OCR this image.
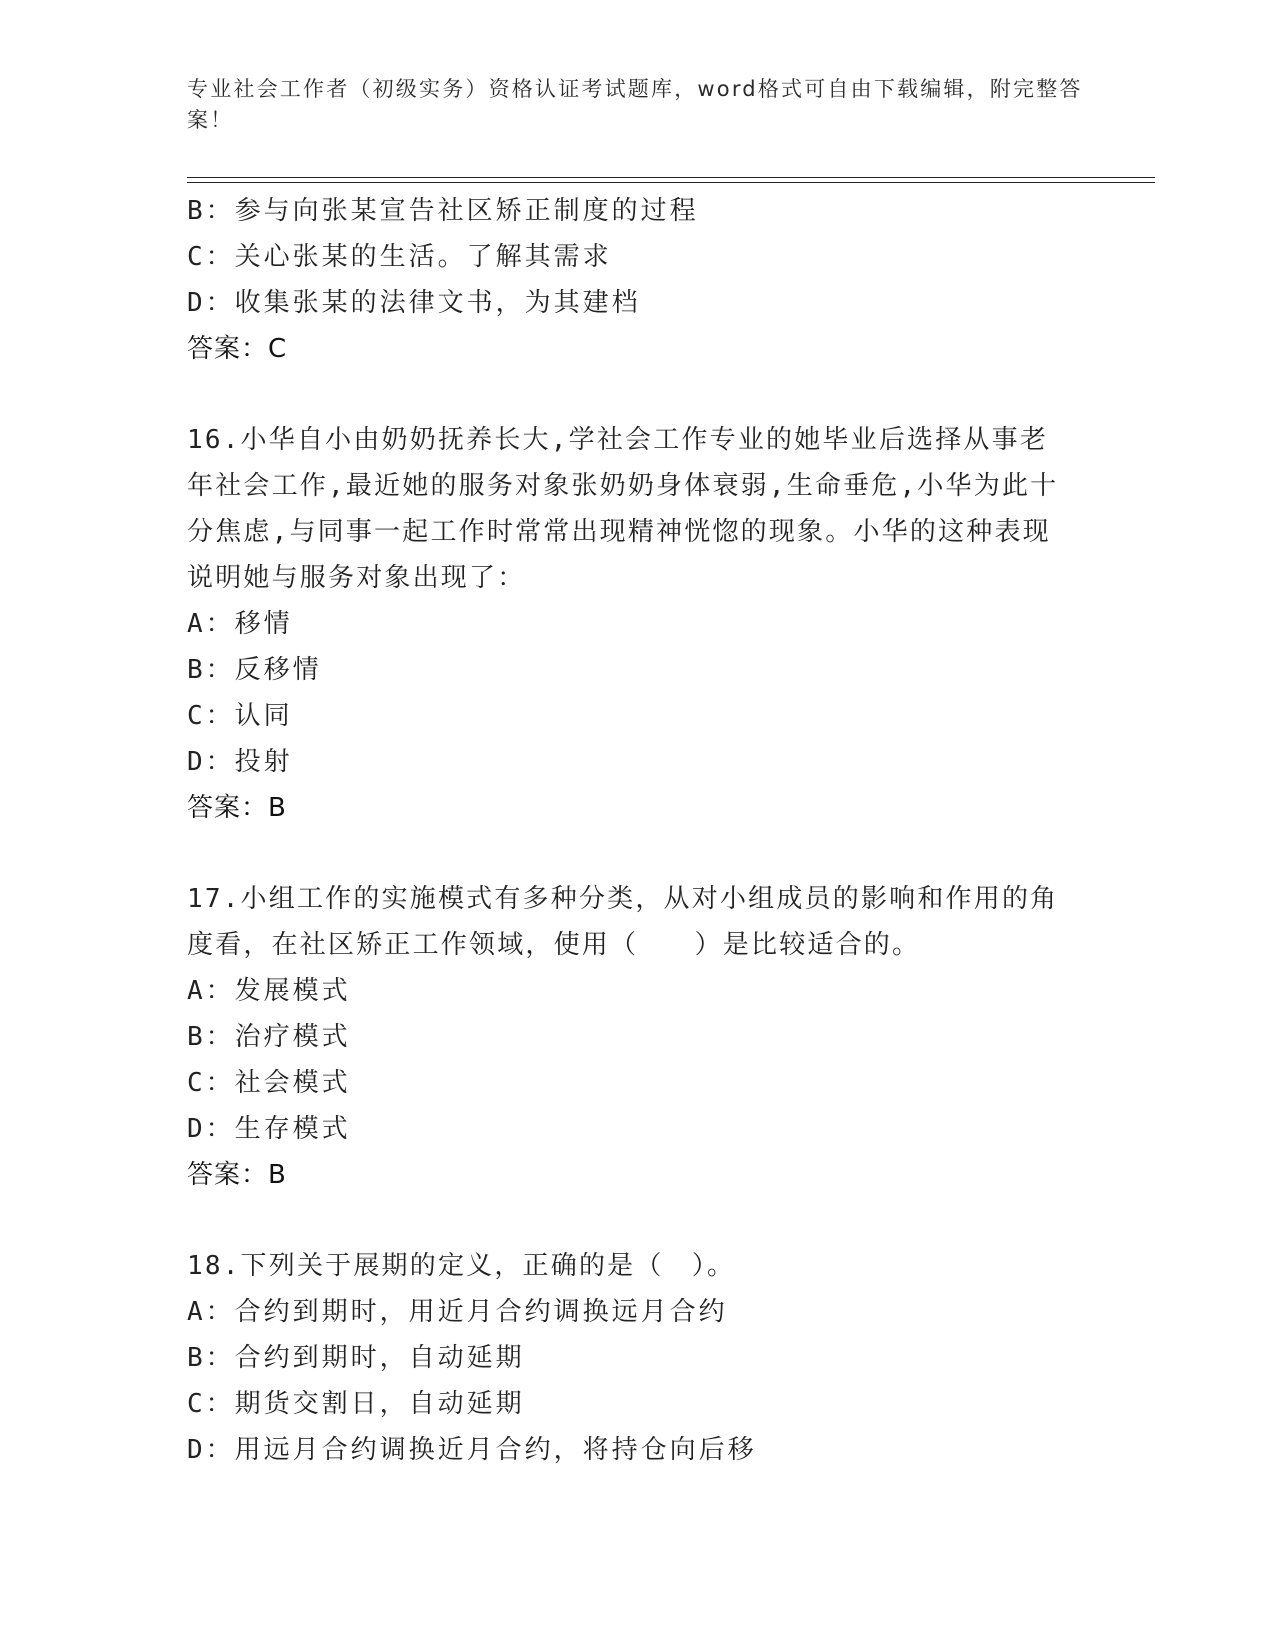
专业社会工作者（初级实务）资格认证考试题库，word格式可自由下载编辑，附完整答案！
B：参与向张某宣告社区矫正制度的过程
C：关心张某的生活。了解其需求
D：收集张某的法律文书，为其建档
答案：C
16.小华自小由奶奶抚养长大,学社会工作专业的她毕业后选择从事老
年社会工作,最近她的服务对象张奶奶身体衰弱,生命垂危,小华为此十
分焦虑,与同事一起工作时常常出现精神恍惚的现象。小华的这种表现
说明她与服务对象出现了：
A：移情
B：反移情
C：认同
D：投射
答案：B
17.小组工作的实施模式有多种分类，从对小组成员的影响和作用的角
度看，在社区矫正工作领域，使用（　　）是比较适合的。
A：发展模式
B：治疗模式
C：社会模式
D：生存模式
答案：B
18.下列关于展期的定义，正确的是（　）。
A：合约到期时，用近月合约调换远月合约
B：合约到期时，自动延期
C：期货交割日，自动延期
D：用远月合约调换近月合约，将持仓向后移
